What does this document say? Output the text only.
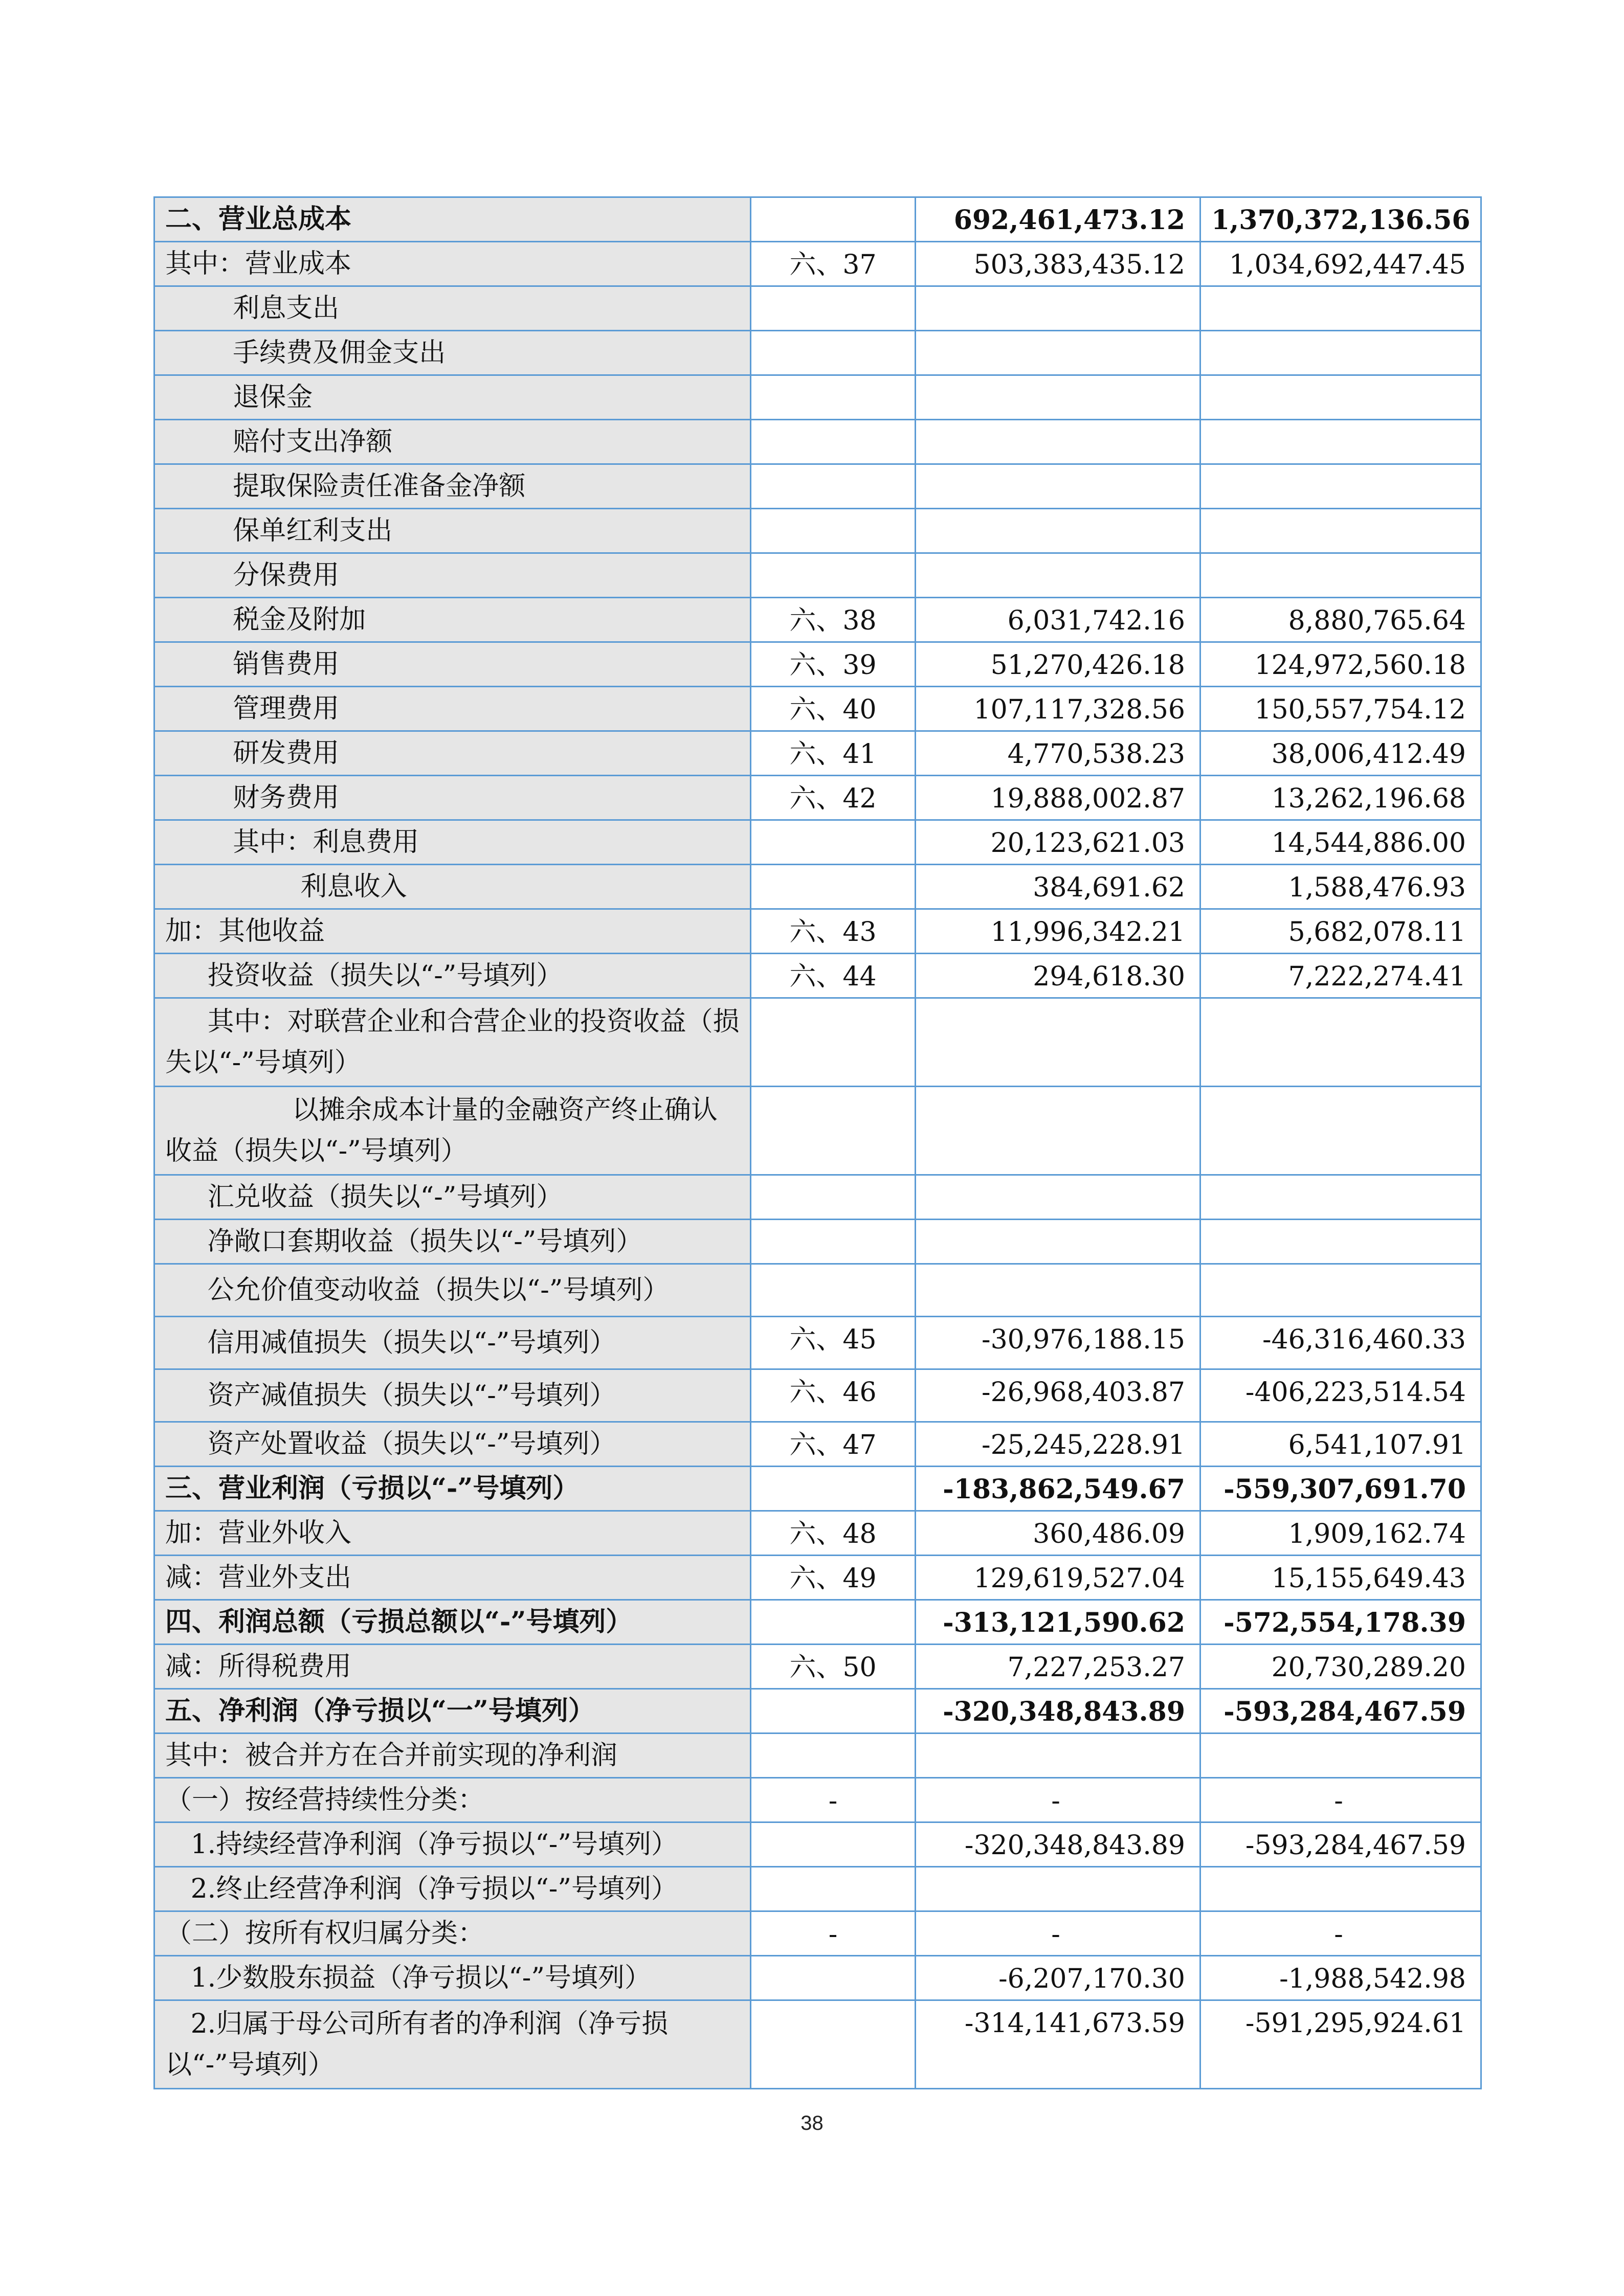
二、营业总成本		692,461,473.12	1,370,372,136.56
其中：营业成本	六、37	503,383,435.12	1,034,692,447.45
利息支出			
手续费及佣金支出			
退保金			
赔付支出净额			
提取保险责任准备金净额			
保单红利支出			
分保费用			
税金及附加	六、38	6,031,742.16	8,880,765.64
销售费用	六、39	51,270,426.18	124,972,560.18
管理费用	六、40	107,117,328.56	150,557,754.12
研发费用	六、41	4,770,538.23	38,006,412.49
财务费用	六、42	19,888,002.87	13,262,196.68
其中：利息费用		20,123,621.03	14,544,886.00
利息收入		384,691.62	1,588,476.93
加：其他收益	六、43	11,996,342.21	5,682,078.11
投资收益（损失以“-”号填列）	六、44	294,618.30	7,222,274.41
其中：对联营企业和合营企业的投资收益（损失以“-”号填列）			
以摊余成本计量的金融资产终止确认收益（损失以“-”号填列）			
汇兑收益（损失以“-”号填列）			
净敞口套期收益（损失以“-”号填列）			
公允价值变动收益（损失以“-”号填列）			
信用减值损失（损失以“-”号填列）	六、45	-30,976,188.15	-46,316,460.33
资产减值损失（损失以“-”号填列）	六、46	-26,968,403.87	-406,223,514.54
资产处置收益（损失以“-”号填列）	六、47	-25,245,228.91	6,541,107.91
三、营业利润（亏损以“-”号填列）		-183,862,549.67	-559,307,691.70
加：营业外收入	六、48	360,486.09	1,909,162.74
减：营业外支出	六、49	129,619,527.04	15,155,649.43
四、利润总额（亏损总额以“-”号填列）		-313,121,590.62	-572,554,178.39
减：所得税费用	六、50	7,227,253.27	20,730,289.20
五、净利润（净亏损以“一”号填列）		-320,348,843.89	-593,284,467.59
其中：被合并方在合并前实现的净利润			
（一）按经营持续性分类：	-	-	-
1.持续经营净利润（净亏损以“-”号填列）		-320,348,843.89	-593,284,467.59
2.终止经营净利润（净亏损以“-”号填列）			
（二）按所有权归属分类：	-	-	-
1.少数股东损益（净亏损以“-”号填列）		-6,207,170.30	-1,988,542.98
2.归属于母公司所有者的净利润（净亏损以“-”号填列）		-314,141,673.59	-591,295,924.61
38
